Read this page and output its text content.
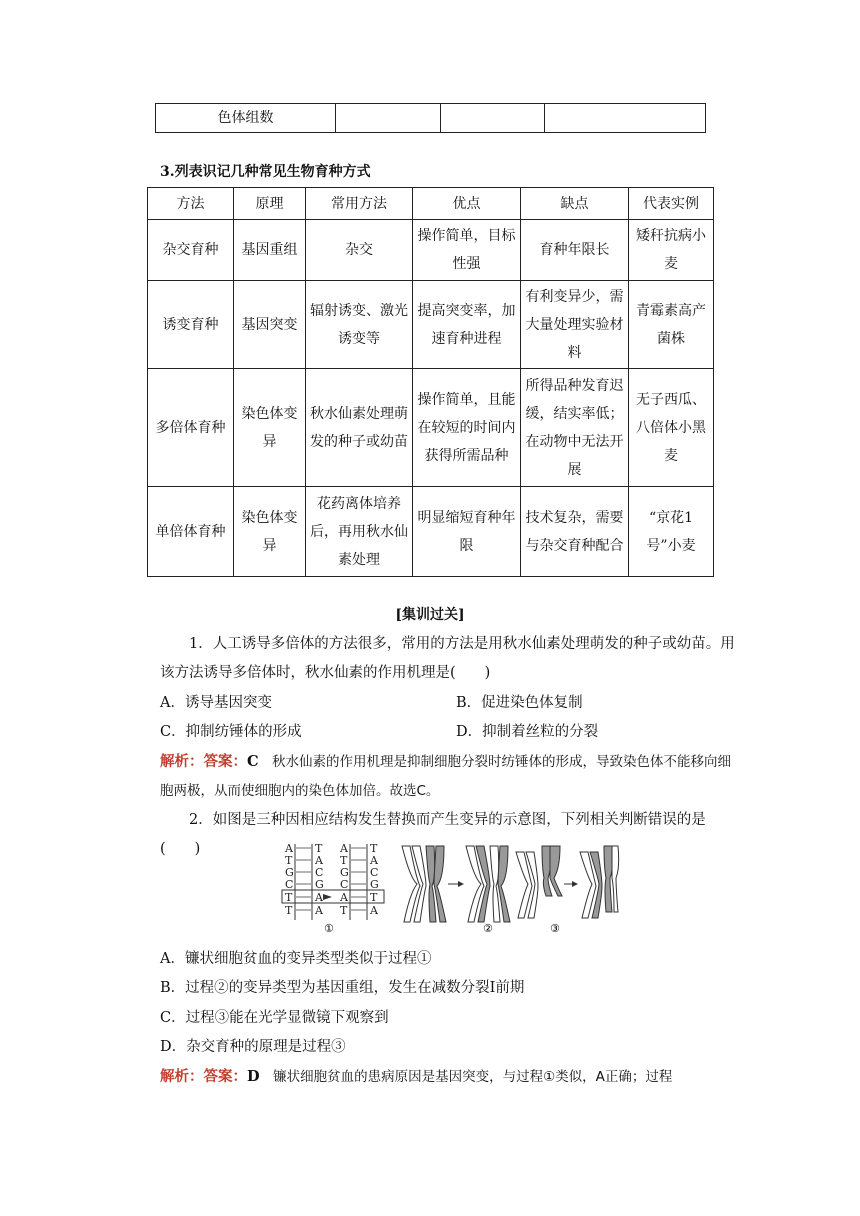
色体组数			
3.列表识记几种常见生物育种方式
方法	原理	常用方法	优点	缺点	代表实例
杂交育种	基因重组	杂交	操作简单，目标性强	育种年限长	矮秆抗病小麦
诱变育种	基因突变	辐射诱变、激光诱变等	提高突变率，加速育种进程	有利变异少，需大量处理实验材料	青霉素高产菌株
多倍体育种	染色体变异	秋水仙素处理萌发的种子或幼苗	操作简单，且能在较短的时间内获得所需品种	所得品种发育迟缓，结实率低；在动物中无法开展	无子西瓜、八倍体小黑麦
单倍体育种	染色体变异	花药离体培养后，再用秋水仙素处理	明显缩短育种年限	技术复杂，需要与杂交育种配合	“京花1号”小麦
[集训过关]
1．人工诱导多倍体的方法很多，常用的方法是用秋水仙素处理萌发的种子或幼苗。用该方法诱导多倍体时，秋水仙素的作用机理是(　　)
A．诱导基因突变	B．促进染色体复制
C．抑制纺锤体的形成	D．抑制着丝粒的分裂
解析：答案：C　秋水仙素的作用机理是抑制细胞分裂时纺锤体的形成，导致染色体不能移向细胞两极，从而使细胞内的染色体加倍。故选C。
2．如图是三种因相应结构发生替换而产生变异的示意图，下列相关判断错误的是(　　)	A
T
G
C
T
T
T
A
C
G
A
A
A
T
G
C
A
T
T
A
C
G
T
A
①	②	③
A．镰状细胞贫血的变异类型类似于过程①
B．过程②的变异类型为基因重组，发生在减数分裂Ⅰ前期
C．过程③能在光学显微镜下观察到
D．杂交育种的原理是过程③
解析：答案：D　镰状细胞贫血的患病原因是基因突变，与过程①类似，A正确；过程
